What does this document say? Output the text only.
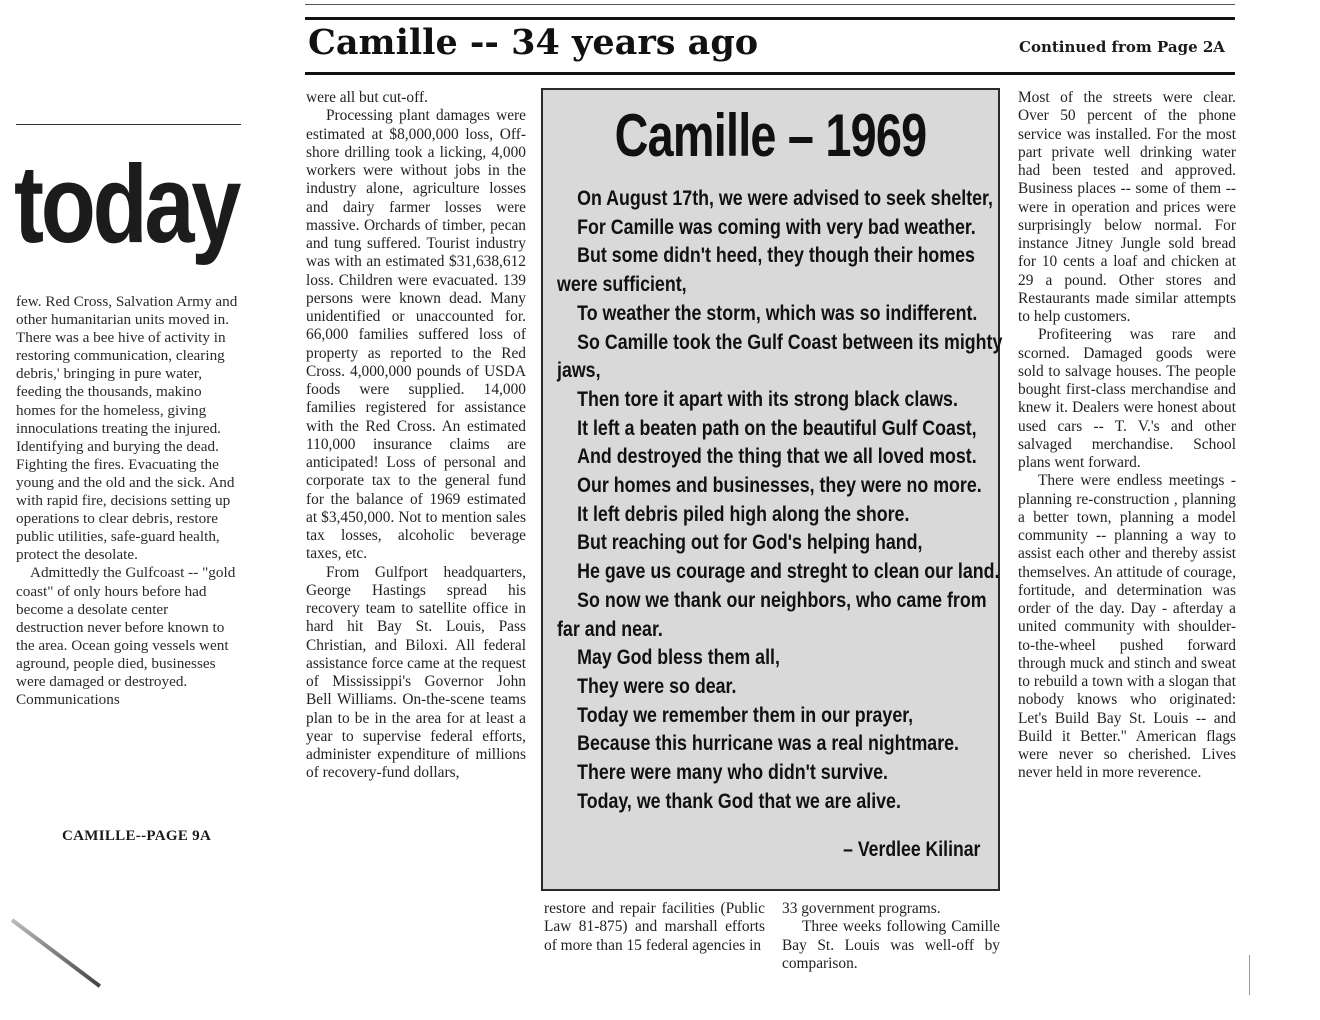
today

few. Red Cross, Salvation Army and other humanitarian units moved in. There was a bee hive of activity in restoring communication, clearing debris,' bringing in pure water, feeding the thousands, makino homes for the homeless, giving innoculations treating the injured. Identifying and burying the dead. Fighting the fires. Evacuating the young and the old and the sick. And with rapid fire, decisions setting up operations to clear debris, restore public utilities, safe-guard health, protect the desolate.

Admittedly the Gulfcoast -- "gold coast" of only hours before had become a desolate center destruction never before known to the area. Ocean going vessels went aground, people died, businesses were damaged or destroyed. Communications

CAMILLE--PAGE 9A
Camille -- 34 years ago	Continued from Page 2A

were all but cut-off.

Processing plant damages were estimated at $8,000,000 loss, Off-shore drilling took a licking, 4,000 workers were without jobs in the industry alone, agriculture losses and dairy farmer losses were massive. Orchards of timber, pecan and tung suffered. Tourist industry was with an estimated $31,638,612 loss. Children were evacuated. 139 persons were known dead. Many unidentified or unaccounted for. 66,000 families suffered loss of property as reported to the Red Cross. 4,000,000 pounds of USDA foods were supplied. 14,000 families registered for assistance with the Red Cross. An estimated 110,000 insurance claims are anticipated! Loss of personal and corporate tax to the general fund for the balance of 1969 estimated at $3,450,000. Not to mention sales tax losses, alcoholic beverage taxes, etc.

From Gulfport headquarters, George Hastings spread his recovery team to satellite office in hard hit Bay St. Louis, Pass Christian, and Biloxi. All federal assistance force came at the request of Mississippi's Governor John Bell Williams. On-the-scene teams plan to be in the area for at least a year to supervise federal efforts, administer expenditure of millions of recovery-fund dollars,

Camille – 1969
On August 17th, we were advised to seek shelter,
For Camille was coming with very bad weather.
But some didn't heed, they though their homes
were sufficient,
To weather the storm, which was so indifferent.
So Camille took the Gulf Coast between its mighty
jaws,
Then tore it apart with its strong black claws.
It left a beaten path on the beautiful Gulf Coast,
And destroyed the thing that we all loved most.
Our homes and businesses, they were no more.
It left debris piled high along the shore.
But reaching out for God's helping hand,
He gave us courage and streght to clean our land.
So now we thank our neighbors, who came from
far and near.
May God bless them all,
They were so dear.
Today we remember them in our prayer,
Because this hurricane was a real nightmare.
There were many who didn't survive.
Today, we thank God that we are alive.
– Verdlee Kilinar

restore and repair facilities (Public Law 81-875) and marshall efforts of more than 15 federal agencies in

33 government programs.

Three weeks following Camille Bay St. Louis was well-off by comparison.

Most of the streets were clear. Over 50 percent of the phone service was installed. For the most part private well drinking water had been tested and approved. Business places -- some of them -- were in operation and prices were surprisingly below normal. For instance Jitney Jungle sold bread for 10 cents a loaf and chicken at 29 a pound. Other stores and Restaurants made similar attempts to help customers.

Profiteering was rare and scorned. Damaged goods were sold to salvage houses. The people bought first-class merchandise and knew it. Dealers were honest about used cars -- T. V.'s and other salvaged merchandise. School plans went forward.

There were endless meetings -planning re-construction , planning a better town, planning a model community -- planning a way to assist each other and thereby assist themselves. An attitude of courage, fortitude, and determination was order of the day. Day - afterday a united community with shoulder-to-the-wheel pushed forward through muck and stinch and sweat to rebuild a town with a slogan that nobody knows who originated: Let's Build Bay St. Louis -- and Build it Better." American flags were never so cherished. Lives never held in more reverence.
